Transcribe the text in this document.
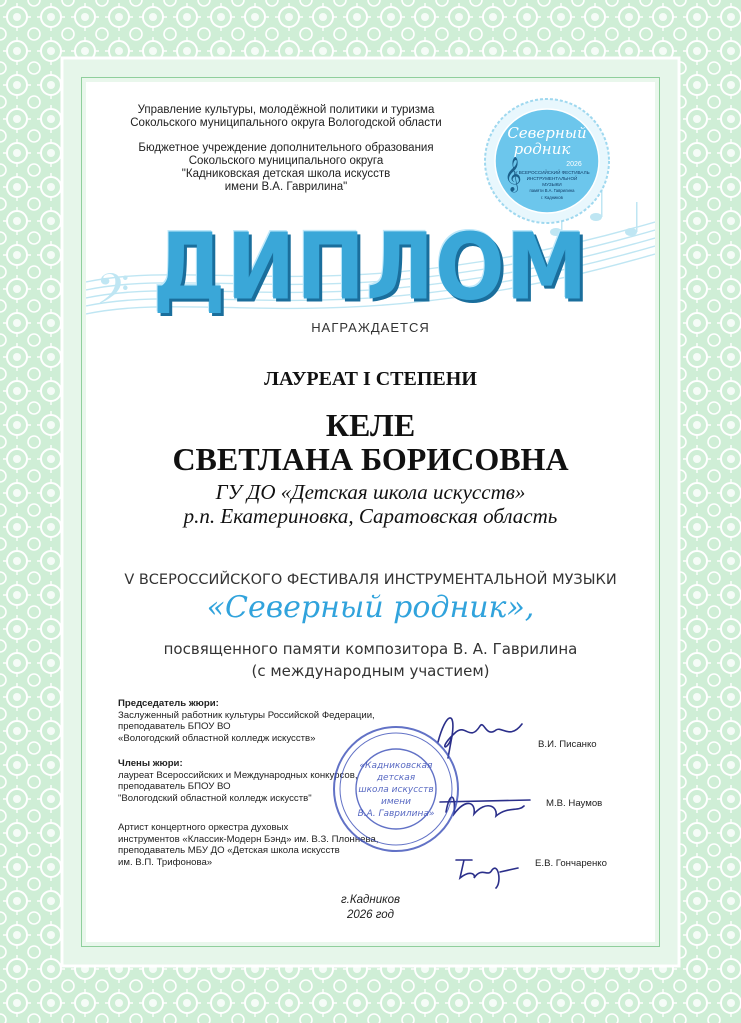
𝄢
Управление культуры, молодёжной политики и туризма
Сокольского муниципального округа Вологодской области
Бюджетное учреждение дополнительного образования
Сокольского муниципального округа
"Кадниковская детская школа искусств
имени В.А. Гаврилина"
Северный
родник
𝄞	2026
V ВСЕРОССИЙСКИЙ ФЕСТИВАЛЬ
ИНСТРУМЕНТАЛЬНОЙ
МУЗЫКИ
памяти В.А. Гаврилина
г. Кадников
ДИПЛОМ
НАГРАЖДАЕТСЯ
ЛАУРЕАТ I СТЕПЕНИ
КЕЛЕ
СВЕТЛАНА БОРИСОВНА
ГУ ДО «Детская школа искусств»
р.п. Екатериновка, Саратовская область
V ВСЕРОССИЙСКОГО ФЕСТИВАЛЯ ИНСТРУМЕНТАЛЬНОЙ МУЗЫКИ
«Северный родник»,
посвященного памяти композитора В. А. Гаврилина
(с международным участием)
Председатель жюри:
Заслуженный работник культуры Российской Федерации,
преподаватель БПОУ ВО
«Вологодский областной колледж искусств»
В.И. Писанко
Члены жюри:
лауреат Всероссийских и Международных конкурсов,
преподаватель БПОУ ВО
"Вологодский областной колледж искусств"	М.В. Наумов
Артист концертного оркестра духовых
инструментов «Классик-Модерн Бэнд» им. В.З. Плоннева,
преподаватель МБУ ДО «Детская школа искусств
им. В.П. Трифонова»	Е.В. Гончаренко
«Кадниковская
детская
школа искусств
имени
В.А. Гаврилина»
г.Кадников
2026 год
